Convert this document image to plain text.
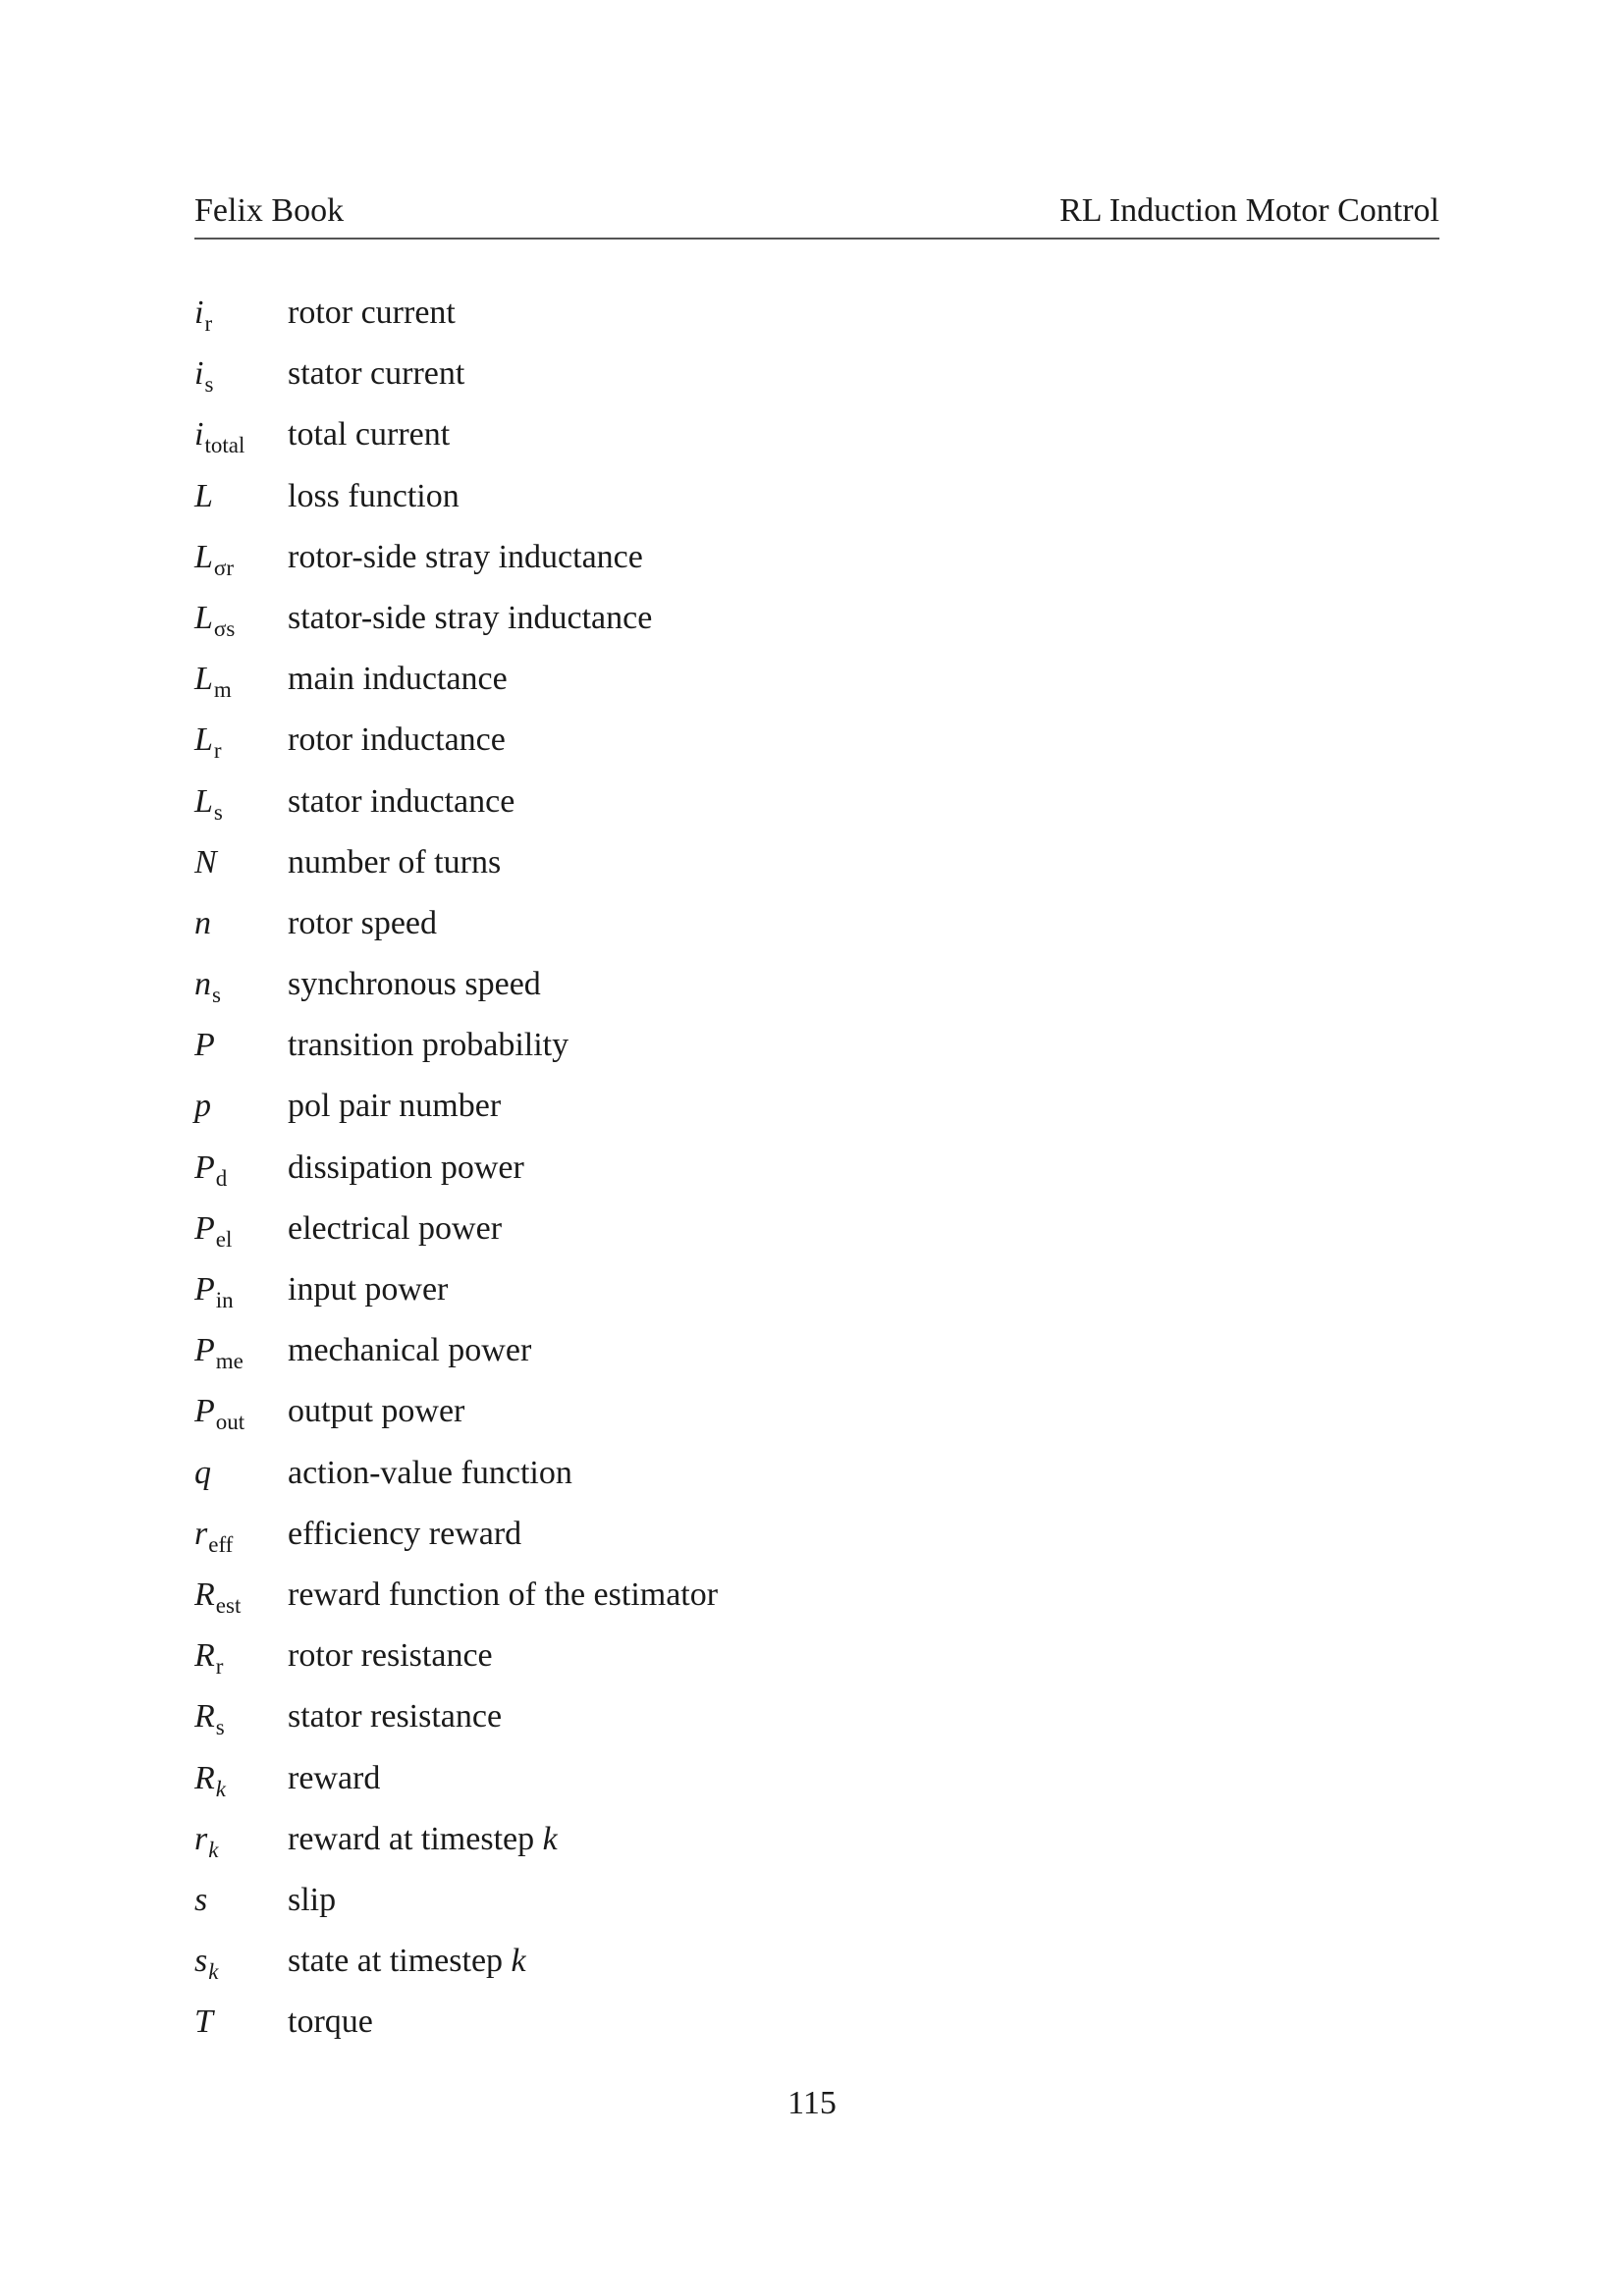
Felix Book	RL Induction Motor Control
$i_r$	rotor current
$i_s$	stator current
$i_{total}$	total current
L	loss function
$L_{\sigma r}$	rotor-side stray inductance
$L_{\sigma s}$	stator-side stray inductance
$L_m$	main inductance
$L_r$	rotor inductance
$L_s$	stator inductance
N	number of turns
n	rotor speed
$n_s$	synchronous speed
P	transition probability
p	pol pair number
$P_d$	dissipation power
$P_{el}$	electrical power
$P_{in}$	input power
$P_{me}$	mechanical power
$P_{out}$	output power
q	action-value function
$r_{eff}$	efficiency reward
$R_{est}$	reward function of the estimator
$R_r$	rotor resistance
$R_s$	stator resistance
$R_k$	reward
$r_k$	reward at timestep k
s	slip
$s_k$	state at timestep k
T	torque
115
